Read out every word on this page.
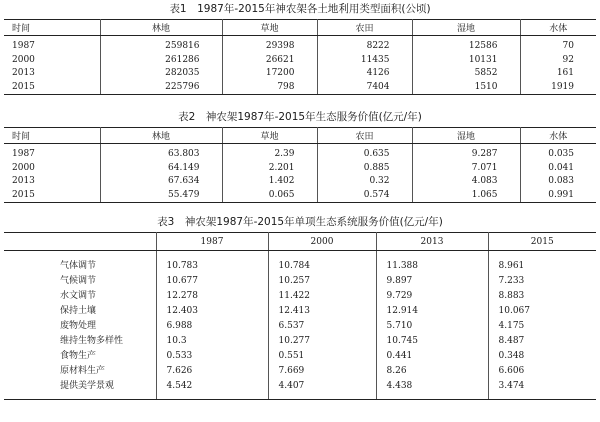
表1　1987年-2015年神农架各土地利用类型面积(公顷)
时间	林地	草地	农田	湿地	水体

1987	259816	29398	8222	12586	70
2000	261286	26621	11435	10131	92
2013	282035	17200	4126	5852	161
2015	225796	798	7404	1510	1919
表2　神农架1987年-2015年生态服务价值(亿元/年)
时间	林地	草地	农田	湿地	水体

1987	63.803	2.39	0.635	9.287	0.035
2000	64.149	2.201	0.885	7.071	0.041
2013	67.634	1.402	0.32	4.083	0.083
2015	55.479	0.065	0.574	1.065	0.991
表3　神农架1987年-2015年单项生态系统服务价值(亿元/年)
	1987	2000	2013	2015

气体调节	10.783	10.784	11.388	8.961
气候调节	10.677	10.257	9.897	7.233
水文调节	12.278	11.422	9.729	8.883
保持土壤	12.403	12.413	12.914	10.067
废物处理	6.988	6.537	5.710	4.175
维持生物多样性	10.3	10.277	10.745	8.487
食物生产	0.533	0.551	0.441	0.348
原材料生产	7.626	7.669	8.26	6.606
提供美学景观	4.542	4.407	4.438	3.474
